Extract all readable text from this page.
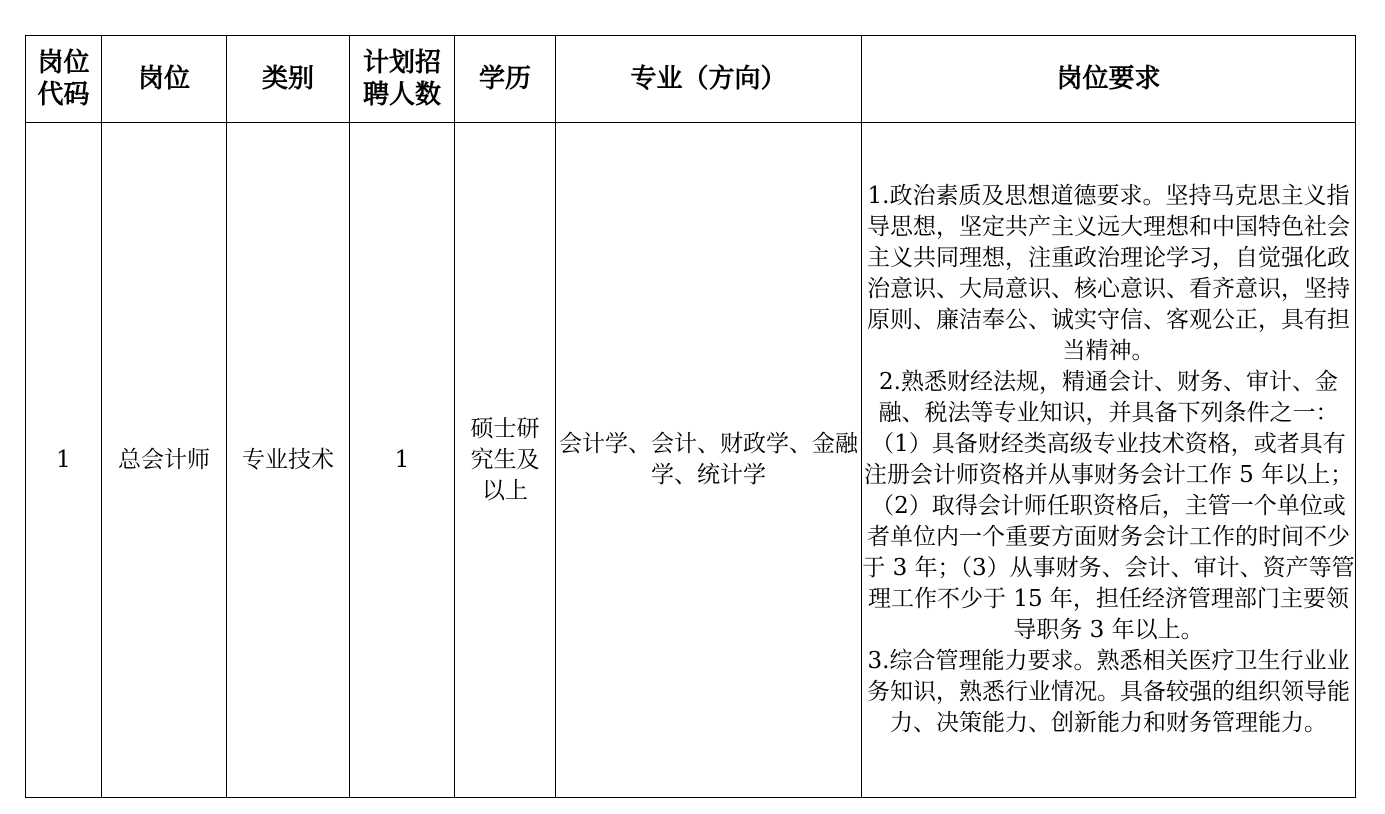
岗位代码	岗位	类别	计划招聘人数	学历	专业（方向）	岗位要求
1	总会计师	专业技术	1	硕士研究生及以上	会计学、会计、财政学、金融学、统计学	1.政治素质及思想道德要求。坚持马克思主义指导思想，坚定共产主义远大理想和中国特色社会主义共同理想，注重政治理论学习，自觉强化政治意识、大局意识、核心意识、看齐意识，坚持原则、廉洁奉公、诚实守信、客观公正，具有担当精神。
2.熟悉财经法规，精通会计、财务、审计、金融、税法等专业知识，并具备下列条件之一：（1）具备财经类高级专业技术资格，或者具有注册会计师资格并从事财务会计工作 5 年以上；（2）取得会计师任职资格后，主管一个单位或者单位内一个重要方面财务会计工作的时间不少于 3 年；（3）从事财务、会计、审计、资产等管理工作不少于 15 年，担任经济管理部门主要领导职务 3 年以上。
3.综合管理能力要求。熟悉相关医疗卫生行业业务知识，熟悉行业情况。具备较强的组织领导能力、决策能力、创新能力和财务管理能力。
